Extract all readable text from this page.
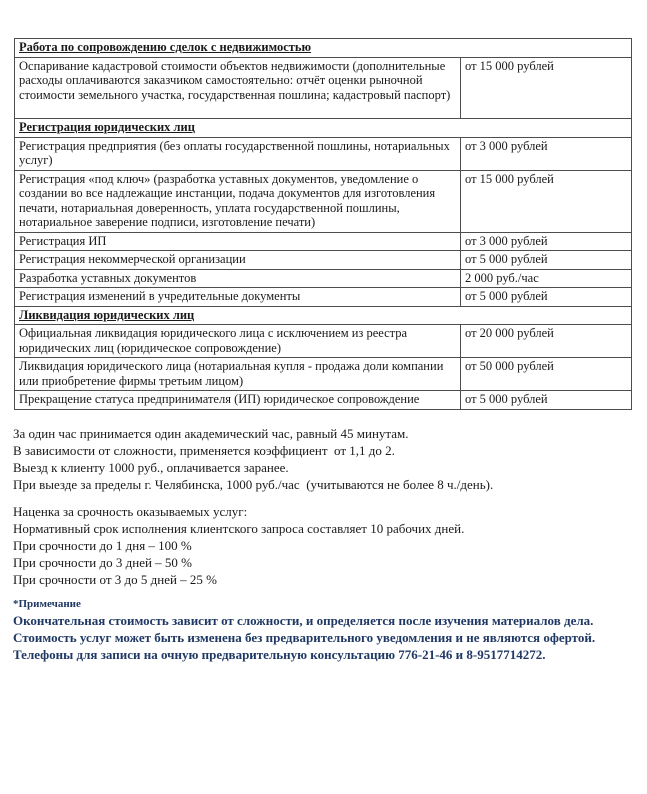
Работа по сопровождению сделок с недвижимостью	
Оспаривание кадастровой стоимости объектов недвижимости (дополнительные расходы оплачиваются заказчиком самостоятельно: отчёт оценки рыночной стоимости земельного участка, государственная пошлина; кадастровый паспорт)	от 15 000 рублей
Регистрация юридических лиц	
Регистрация предприятия (без оплаты государственной пошлины, нотариальных услуг)	от 3 000 рублей
Регистрация «под ключ» (разработка уставных документов, уведомление о создании во все надлежащие инстанции, подача документов для изготовления печати, нотариальная доверенность, уплата государственной пошлины, нотариальное заверение подписи, изготовление печати)	от 15 000 рублей
Регистрация ИП	от 3 000 рублей
Регистрация некоммерческой организации	от 5 000 рублей
Разработка уставных документов	2 000 руб./час
Регистрация изменений в учредительные документы	от 5 000 рублей
Ликвидация юридических лиц	
Официальная ликвидация юридического лица с исключением из реестра юридических лиц (юридическое сопровождение)	от 20 000 рублей
Ликвидация юридического лица (нотариальная купля - продажа доли компании или приобретение фирмы третьим лицом)	от 50 000 рублей
Прекращение статуса предпринимателя (ИП) юридическое сопровождение	от 5 000 рублей

За один час принимается один академический час, равный 45 минутам.

В зависимости от сложности, применяется коэффициент  от 1,1 до 2.

Выезд к клиенту 1000 руб., оплачивается заранее.

При выезде за пределы г. Челябинска, 1000 руб./час  (учитываются не более 8 ч./день).

Наценка за срочность оказываемых услуг:

Нормативный срок исполнения клиентского запроса составляет 10 рабочих дней.

При срочности до 1 дня – 100 %

При срочности до 3 дней – 50 %

При срочности от 3 до 5 дней – 25 %

*Примечание

Окончательная стоимость зависит от сложности, и определяется после изучения материалов дела.

Стоимость услуг может быть изменена без предварительного уведомления и не являются офертой.

Телефоны для записи на очную предварительную консультацию 776-21-46 и 8-9517714272.
